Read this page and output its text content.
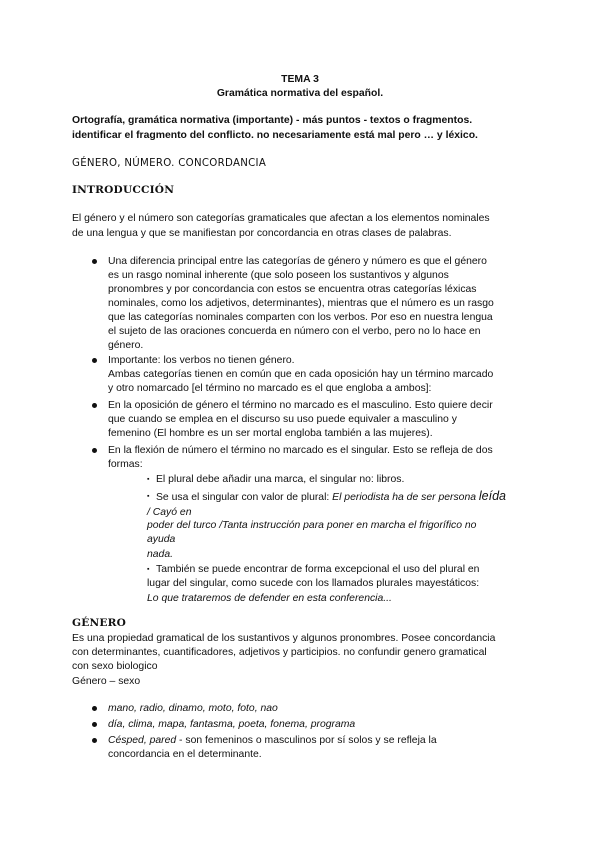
TEMA 3
Gramática normativa del español.
Ortografía, gramática normativa (importante) - más puntos - textos o fragmentos.
identificar el fragmento del conflicto. no necesariamente está mal pero … y léxico.
GÉNERO, NÚMERO. CONCORDANCIA
INTRODUCCIÓN
El género y el número son categorías gramaticales que afectan a los elementos nominales
de una lengua y que se manifiestan por concordancia en otras clases de palabras.
Una diferencia principal entre las categorías de género y número es que el género
es un rasgo nominal inherente (que solo poseen los sustantivos y algunos
pronombres y por concordancia con estos se encuentra otras categorías léxicas
nominales, como los adjetivos, determinantes), mientras que el número es un rasgo
que las categorías nominales comparten con los verbos. Por eso en nuestra lengua
el sujeto de las oraciones concuerda en número con el verbo, pero no lo hace en
género.
Importante: los verbos no tienen género.
Ambas categorías tienen en común que en cada oposición hay un término marcado
y otro nomarcado [el término no marcado es el que engloba a ambos]:
En la oposición de género el término no marcado es el masculino. Esto quiere decir
que cuando se emplea en el discurso su uso puede equivaler a masculino y
femenino (El hombre es un ser mortal engloba también a las mujeres).
En la flexión de número el término no marcado es el singular. Esto se refleja de dos
formas:
▪ El plural debe añadir una marca, el singular no: libros.
▪ Se usa el singular con valor de plural: El periodista ha de ser persona leída
/ Cayó en
poder del turco /Tanta instrucción para poner en marcha el frigorífico no
ayuda
nada.
▪ También se puede encontrar de forma excepcional el uso del plural en
lugar del singular, como sucede con los llamados plurales mayestáticos:
Lo que trataremos de defender en esta conferencia...
GÉNERO
Es una propiedad gramatical de los sustantivos y algunos pronombres. Posee concordancia
con determinantes, cuantificadores, adjetivos y participios. no confundir genero gramatical
con sexo biologico
Género – sexo
mano, radio, dinamo, moto, foto, nao
día, clima, mapa, fantasma, poeta, fonema, programa
Césped, pared - son femeninos o masculinos por sí solos y se refleja la
concordancia en el determinante.
